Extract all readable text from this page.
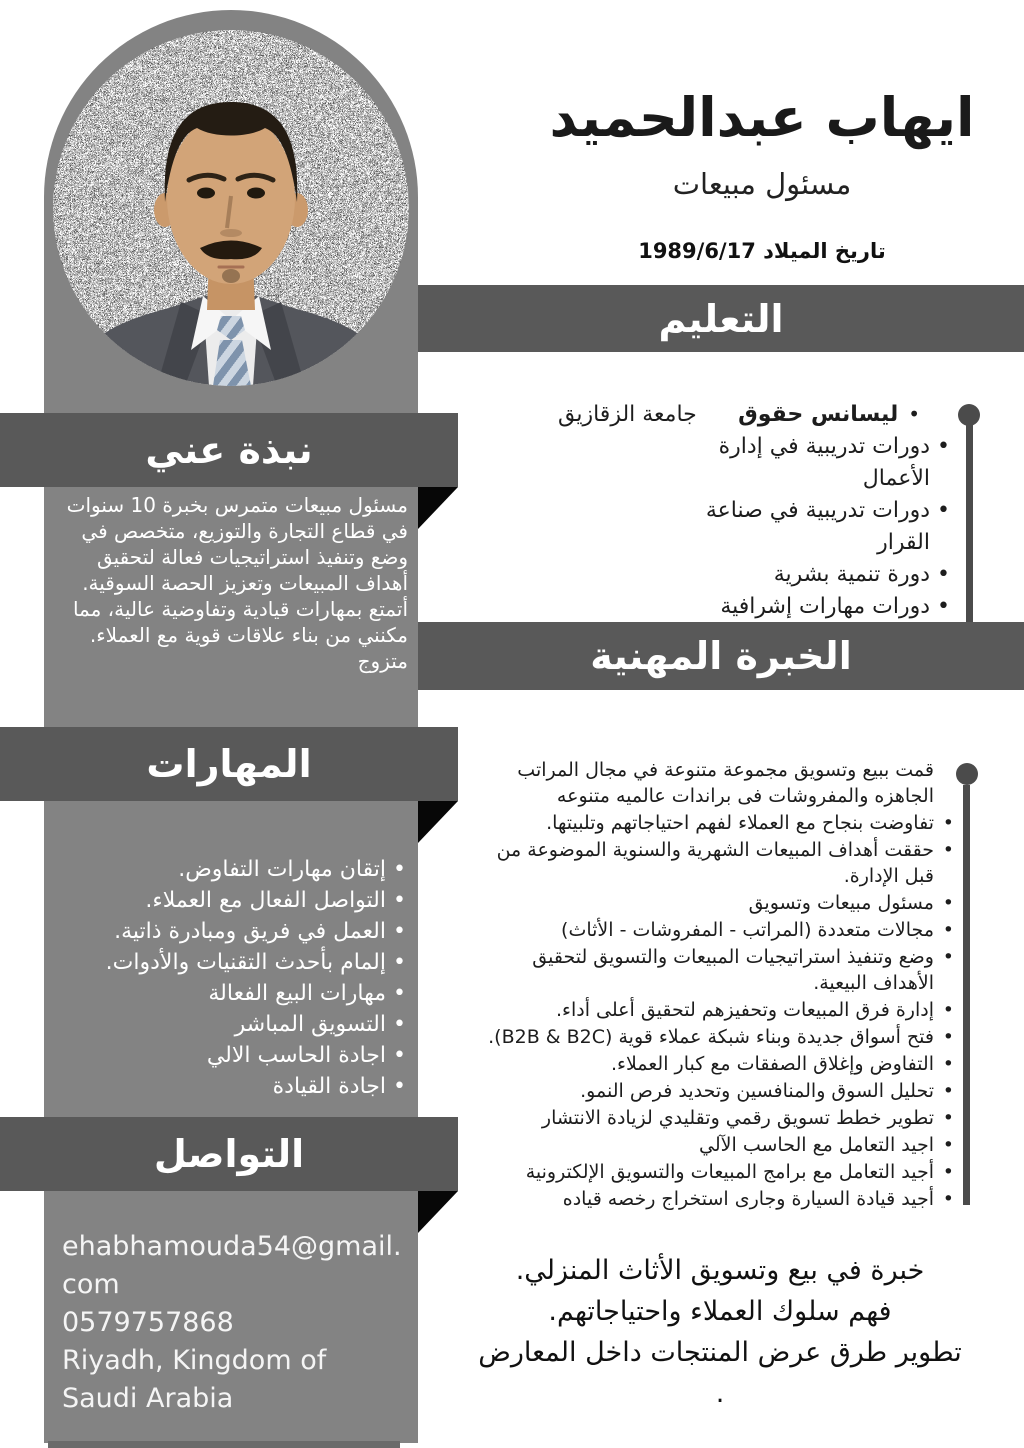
ايهاب عبدالحميد
مسئول مبيعات
تاريخ الميلاد 1989/6/17
التعليم
الخبرة المهنية
•
ليسانس حقوق
جامعة الزقازيق
• دورات تدريبية في إدارة الأعمال
• دورات تدريبية في صناعة القرار
• دورة تنمية بشرية
• دورات مهارات إشرافية
قمت ببيع وتسويق مجموعة متنوعة في مجال المراتب الجاهزه والمفروشات فى براندات عالميه متنوعه
• تفاوضت بنجاح مع العملاء لفهم احتياجاتهم وتلبيتها.
• حققت أهداف المبيعات الشهرية والسنوية الموضوعة من قبل الإدارة.
• مسئول مبيعات وتسويق
• مجالات متعددة (المراتب - المفروشات - الأثاث)
• وضع وتنفيذ استراتيجيات المبيعات والتسويق لتحقيق الأهداف البيعية.
• إدارة فرق المبيعات وتحفيزهم لتحقيق أعلى أداء.
• فتح أسواق جديدة وبناء شبكة عملاء قوية (B2B & B2C).
• التفاوض وإغلاق الصفقات مع كبار العملاء.
• تحليل السوق والمنافسين وتحديد فرص النمو.
• تطوير خطط تسويق رقمي وتقليدي لزيادة الانتشار
• اجيد التعامل مع الحاسب الآلي
• أجيد التعامل مع برامج المبيعات والتسويق الإلكترونية
• أجيد قيادة السيارة وجارى استخراج رخصه قياده
خبرة في بيع وتسويق الأثاث المنزلي.
فهم سلوك العملاء واحتياجاتهم.
تطوير طرق عرض المنتجات داخل المعارض
.
نبذة عني
المهارات
التواصل
مسئول مبيعات متمرس بخبرة 10 سنوات في قطاع التجارة والتوزيع، متخصص في وضع وتنفيذ استراتيجيات فعالة لتحقيق أهداف المبيعات وتعزيز الحصة السوقية. أتمتع بمهارات قيادية وتفاوضية عالية، مما مكنني من بناء علاقات قوية مع العملاء.
متزوج
• إتقان مهارات التفاوض.
• التواصل الفعال مع العملاء.
• العمل في فريق ومبادرة ذاتية.
• إلمام بأحدث التقنيات والأدوات.
• مهارات البيع الفعالة
• التسويق المباشر
• اجادة الحاسب الالي
• اجادة القيادة
ehabhamouda54@gmail.com
0579757868
Riyadh, Kingdom of Saudi Arabia
